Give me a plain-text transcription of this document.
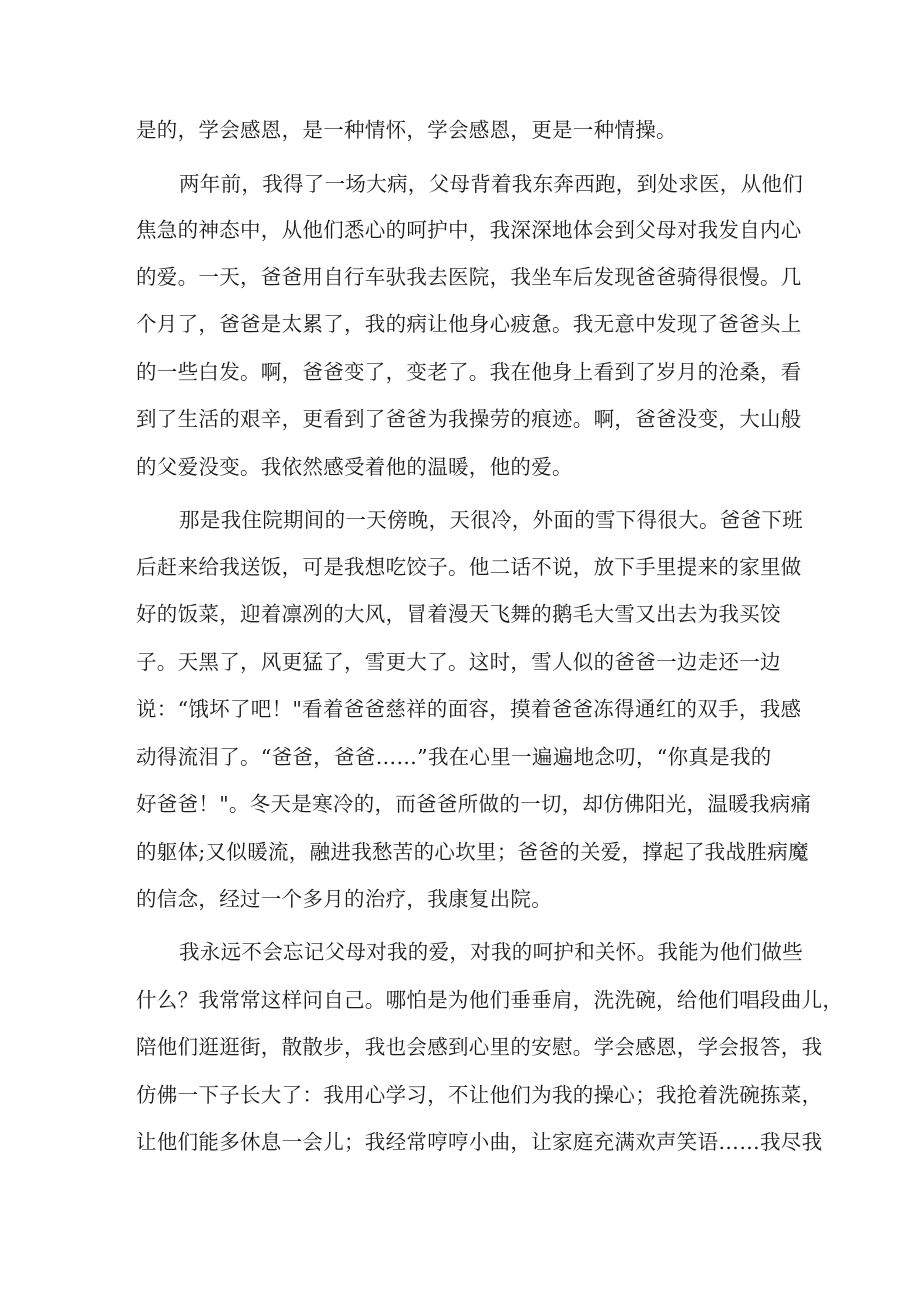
是的，学会感恩，是一种情怀，学会感恩，更是一种情操。
两年前，我得了一场大病，父母背着我东奔西跑，到处求医，从他们
焦急的神态中，从他们悉心的呵护中，我深深地体会到父母对我发自内心
的爱。一天，爸爸用自行车驮我去医院，我坐车后发现爸爸骑得很慢。几
个月了，爸爸是太累了，我的病让他身心疲惫。我无意中发现了爸爸头上
的一些白发。啊，爸爸变了，变老了。我在他身上看到了岁月的沧桑，看
到了生活的艰辛，更看到了爸爸为我操劳的痕迹。啊，爸爸没变，大山般
的父爱没变。我依然感受着他的温暖，他的爱。
那是我住院期间的一天傍晚，天很冷，外面的雪下得很大。爸爸下班
后赶来给我送饭，可是我想吃饺子。他二话不说，放下手里提来的家里做
好的饭菜，迎着凛冽的大风，冒着漫天飞舞的鹅毛大雪又出去为我买饺
子。天黑了，风更猛了，雪更大了。这时，雪人似的爸爸一边走还一边
说：“饿坏了吧！"看着爸爸慈祥的面容，摸着爸爸冻得通红的双手，我感
动得流泪了。“爸爸，爸爸……”我在心里一遍遍地念叨，“你真是我的
好爸爸！"。冬天是寒冷的，而爸爸所做的一切，却仿佛阳光，温暖我病痛
的躯体;又似暖流，融进我愁苦的心坎里；爸爸的关爱，撑起了我战胜病魔
的信念，经过一个多月的治疗，我康复出院。
我永远不会忘记父母对我的爱，对我的呵护和关怀。我能为他们做些
什么？我常常这样问自己。哪怕是为他们垂垂肩，洗洗碗，给他们唱段曲儿，
陪他们逛逛街，散散步，我也会感到心里的安慰。学会感恩，学会报答，我
仿佛一下子长大了：我用心学习，不让他们为我的操心；我抢着洗碗拣菜，
让他们能多休息一会儿；我经常哼哼小曲，让家庭充满欢声笑语……我尽我
